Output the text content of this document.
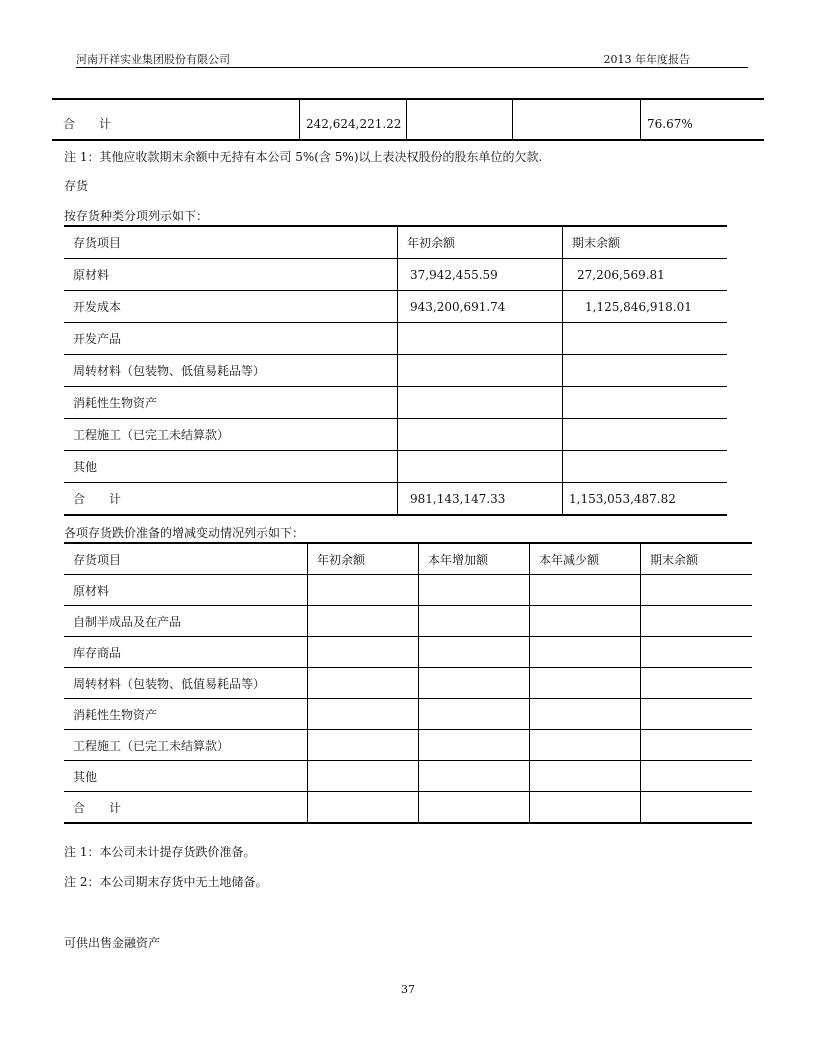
河南开祥实业集团股份有限公司	2013 年年度报告
合　　计	242,624,221.22			76.67%
注 1：其他应收款期末余额中无持有本公司 5%(含 5%)以上表决权股份的股东单位的欠款.
存货
按存货种类分项列示如下：
存货项目	年初余额	期末余额
原材料	37,942,455.59	27,206,569.81
开发成本	943,200,691.74	1,125,846,918.01
开发产品		
周转材料（包装物、低值易耗品等）		
消耗性生物资产		
工程施工（已完工未结算款）		
其他		
合　　计	981,143,147.33	1,153,053,487.82
各项存货跌价准备的增减变动情况列示如下：
存货项目	年初余额	本年增加额	本年减少额	期末余额
原材料				
自制半成品及在产品				
库存商品				
周转材料（包装物、低值易耗品等）				
消耗性生物资产				
工程施工（已完工未结算款）				
其他				
合　　计				
注 1：本公司未计提存货跌价准备。
注 2：本公司期末存货中无土地储备。
可供出售金融资产
37
